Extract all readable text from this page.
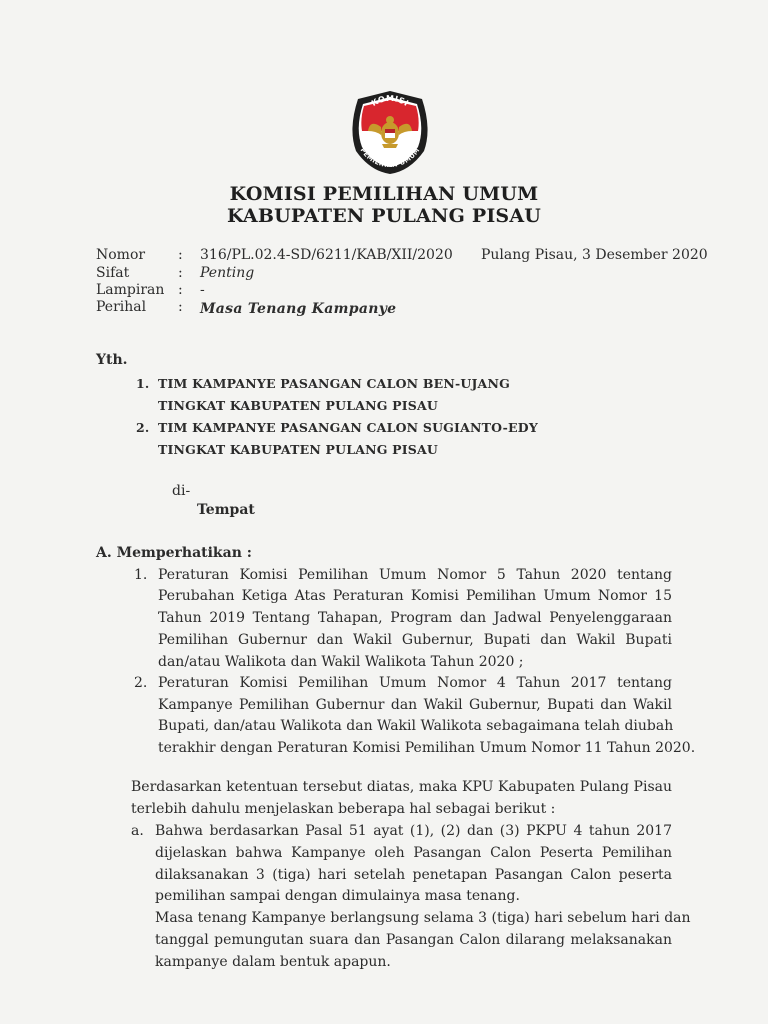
KOMISI
PEMILIHAN UMUM
KOMISI PEMILIHAN UMUM
KABUPATEN PULANG PISAU
Nomor	: 316/PL.02.4-SD/6211/KAB/XII/2020 Pulang Pisau, 3 Desember 2020
Sifat	: Penting
Lampiran : -
Perihal	: Masa Tenang Kampanye
Yth.
1. TIM KAMPANYE PASANGAN CALON BEN-UJANG
TINGKAT KABUPATEN PULANG PISAU
2. TIM KAMPANYE PASANGAN CALON SUGIANTO-EDY
TINGKAT KABUPATEN PULANG PISAU
di-
Tempat
A. Memperhatikan :
1. Peraturan Komisi Pemilihan Umum Nomor 5 Tahun 2020 tentang
Perubahan Ketiga Atas Peraturan Komisi Pemilihan Umum Nomor 15
Tahun 2019 Tentang Tahapan, Program dan Jadwal Penyelenggaraan
Pemilihan Gubernur dan Wakil Gubernur, Bupati dan Wakil Bupati
dan/atau Walikota dan Wakil Walikota Tahun 2020 ;
2. Peraturan Komisi Pemilihan Umum Nomor 4 Tahun 2017 tentang
Kampanye Pemilihan Gubernur dan Wakil Gubernur, Bupati dan Wakil
Bupati, dan/atau Walikota dan Wakil Walikota sebagaimana telah diubah
terakhir dengan Peraturan Komisi Pemilihan Umum Nomor 11 Tahun 2020.
Berdasarkan ketentuan tersebut diatas, maka KPU Kabupaten Pulang Pisau
terlebih dahulu menjelaskan beberapa hal sebagai berikut :
a. Bahwa berdasarkan Pasal 51 ayat (1), (2) dan (3) PKPU 4 tahun 2017
dijelaskan bahwa Kampanye oleh Pasangan Calon Peserta Pemilihan
dilaksanakan 3 (tiga) hari setelah penetapan Pasangan Calon peserta
pemilihan sampai dengan dimulainya masa tenang.
Masa tenang Kampanye berlangsung selama 3 (tiga) hari sebelum hari dan
tanggal pemungutan suara dan Pasangan Calon dilarang melaksanakan
kampanye dalam bentuk apapun.
